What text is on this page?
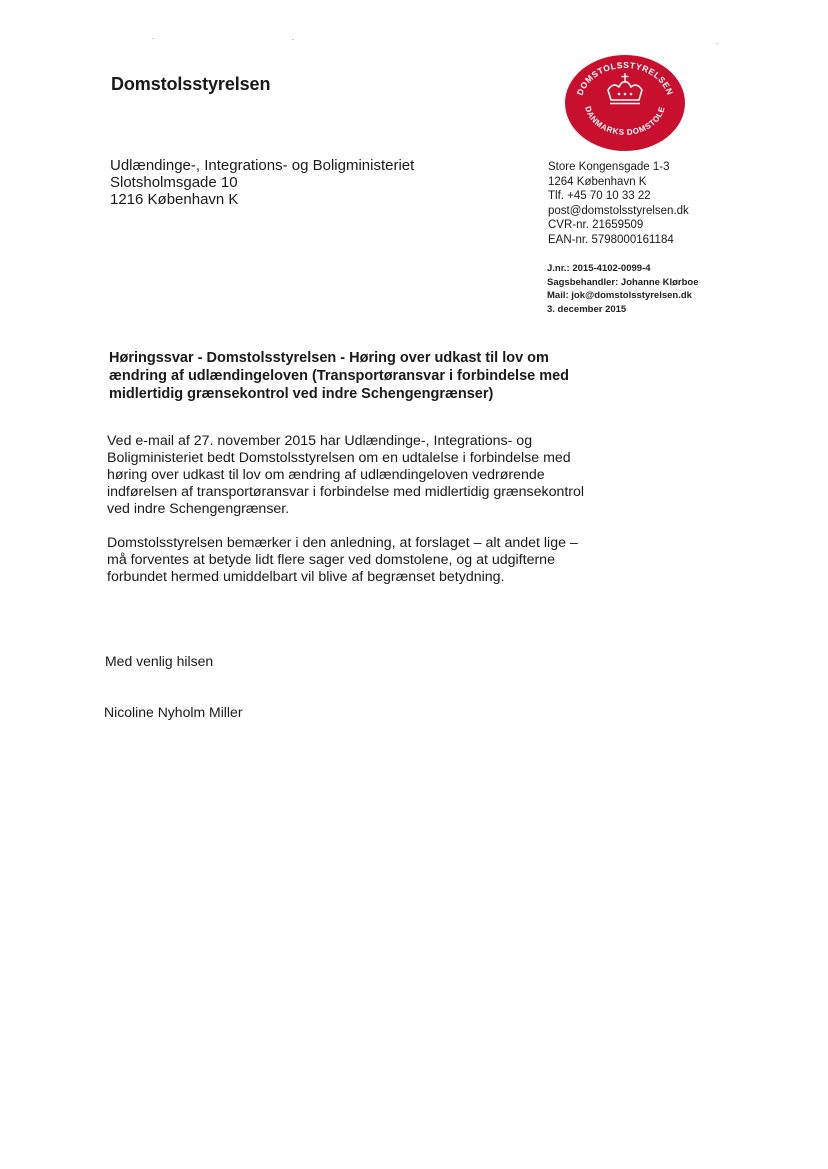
Domstolsstyrelsen	DOMSTOLSSTYRELSEN
DANMARKS DOMSTOLE
Udlændinge-, Integrations- og Boligministeriet
Slotsholmsgade 10
1216 København K
Store Kongensgade 1-3
1264 København K
Tlf. +45 70 10 33 22
post@domstolsstyrelsen.dk
CVR-nr. 21659509
EAN-nr. 5798000161184
J.nr.: 2015-4102-0099-4
Sagsbehandler: Johanne Klørboe
Mail: jok@domstolsstyrelsen.dk
3. december 2015

Høringssvar - Domstolsstyrelsen - Høring over udkast til lov om ændring af udlændingeloven (Transportøransvar i forbindelse med midlertidig grænsekontrol ved indre Schengengrænser)

Ved e-mail af 27. november 2015 har Udlændinge-, Integrations- og Boligministeriet bedt Domstolsstyrelsen om en udtalelse i forbindelse med høring over udkast til lov om ændring af udlændingeloven vedrørende indførelsen af transportøransvar i forbindelse med midlertidig grænsekontrol ved indre Schengengrænser.

Domstolsstyrelsen bemærker i den anledning, at forslaget – alt andet lige – må forventes at betyde lidt flere sager ved domstolene, og at udgifterne forbundet hermed umiddelbart vil blive af begrænset betydning.

Med venlig hilsen

Nicoline Nyholm Miller
